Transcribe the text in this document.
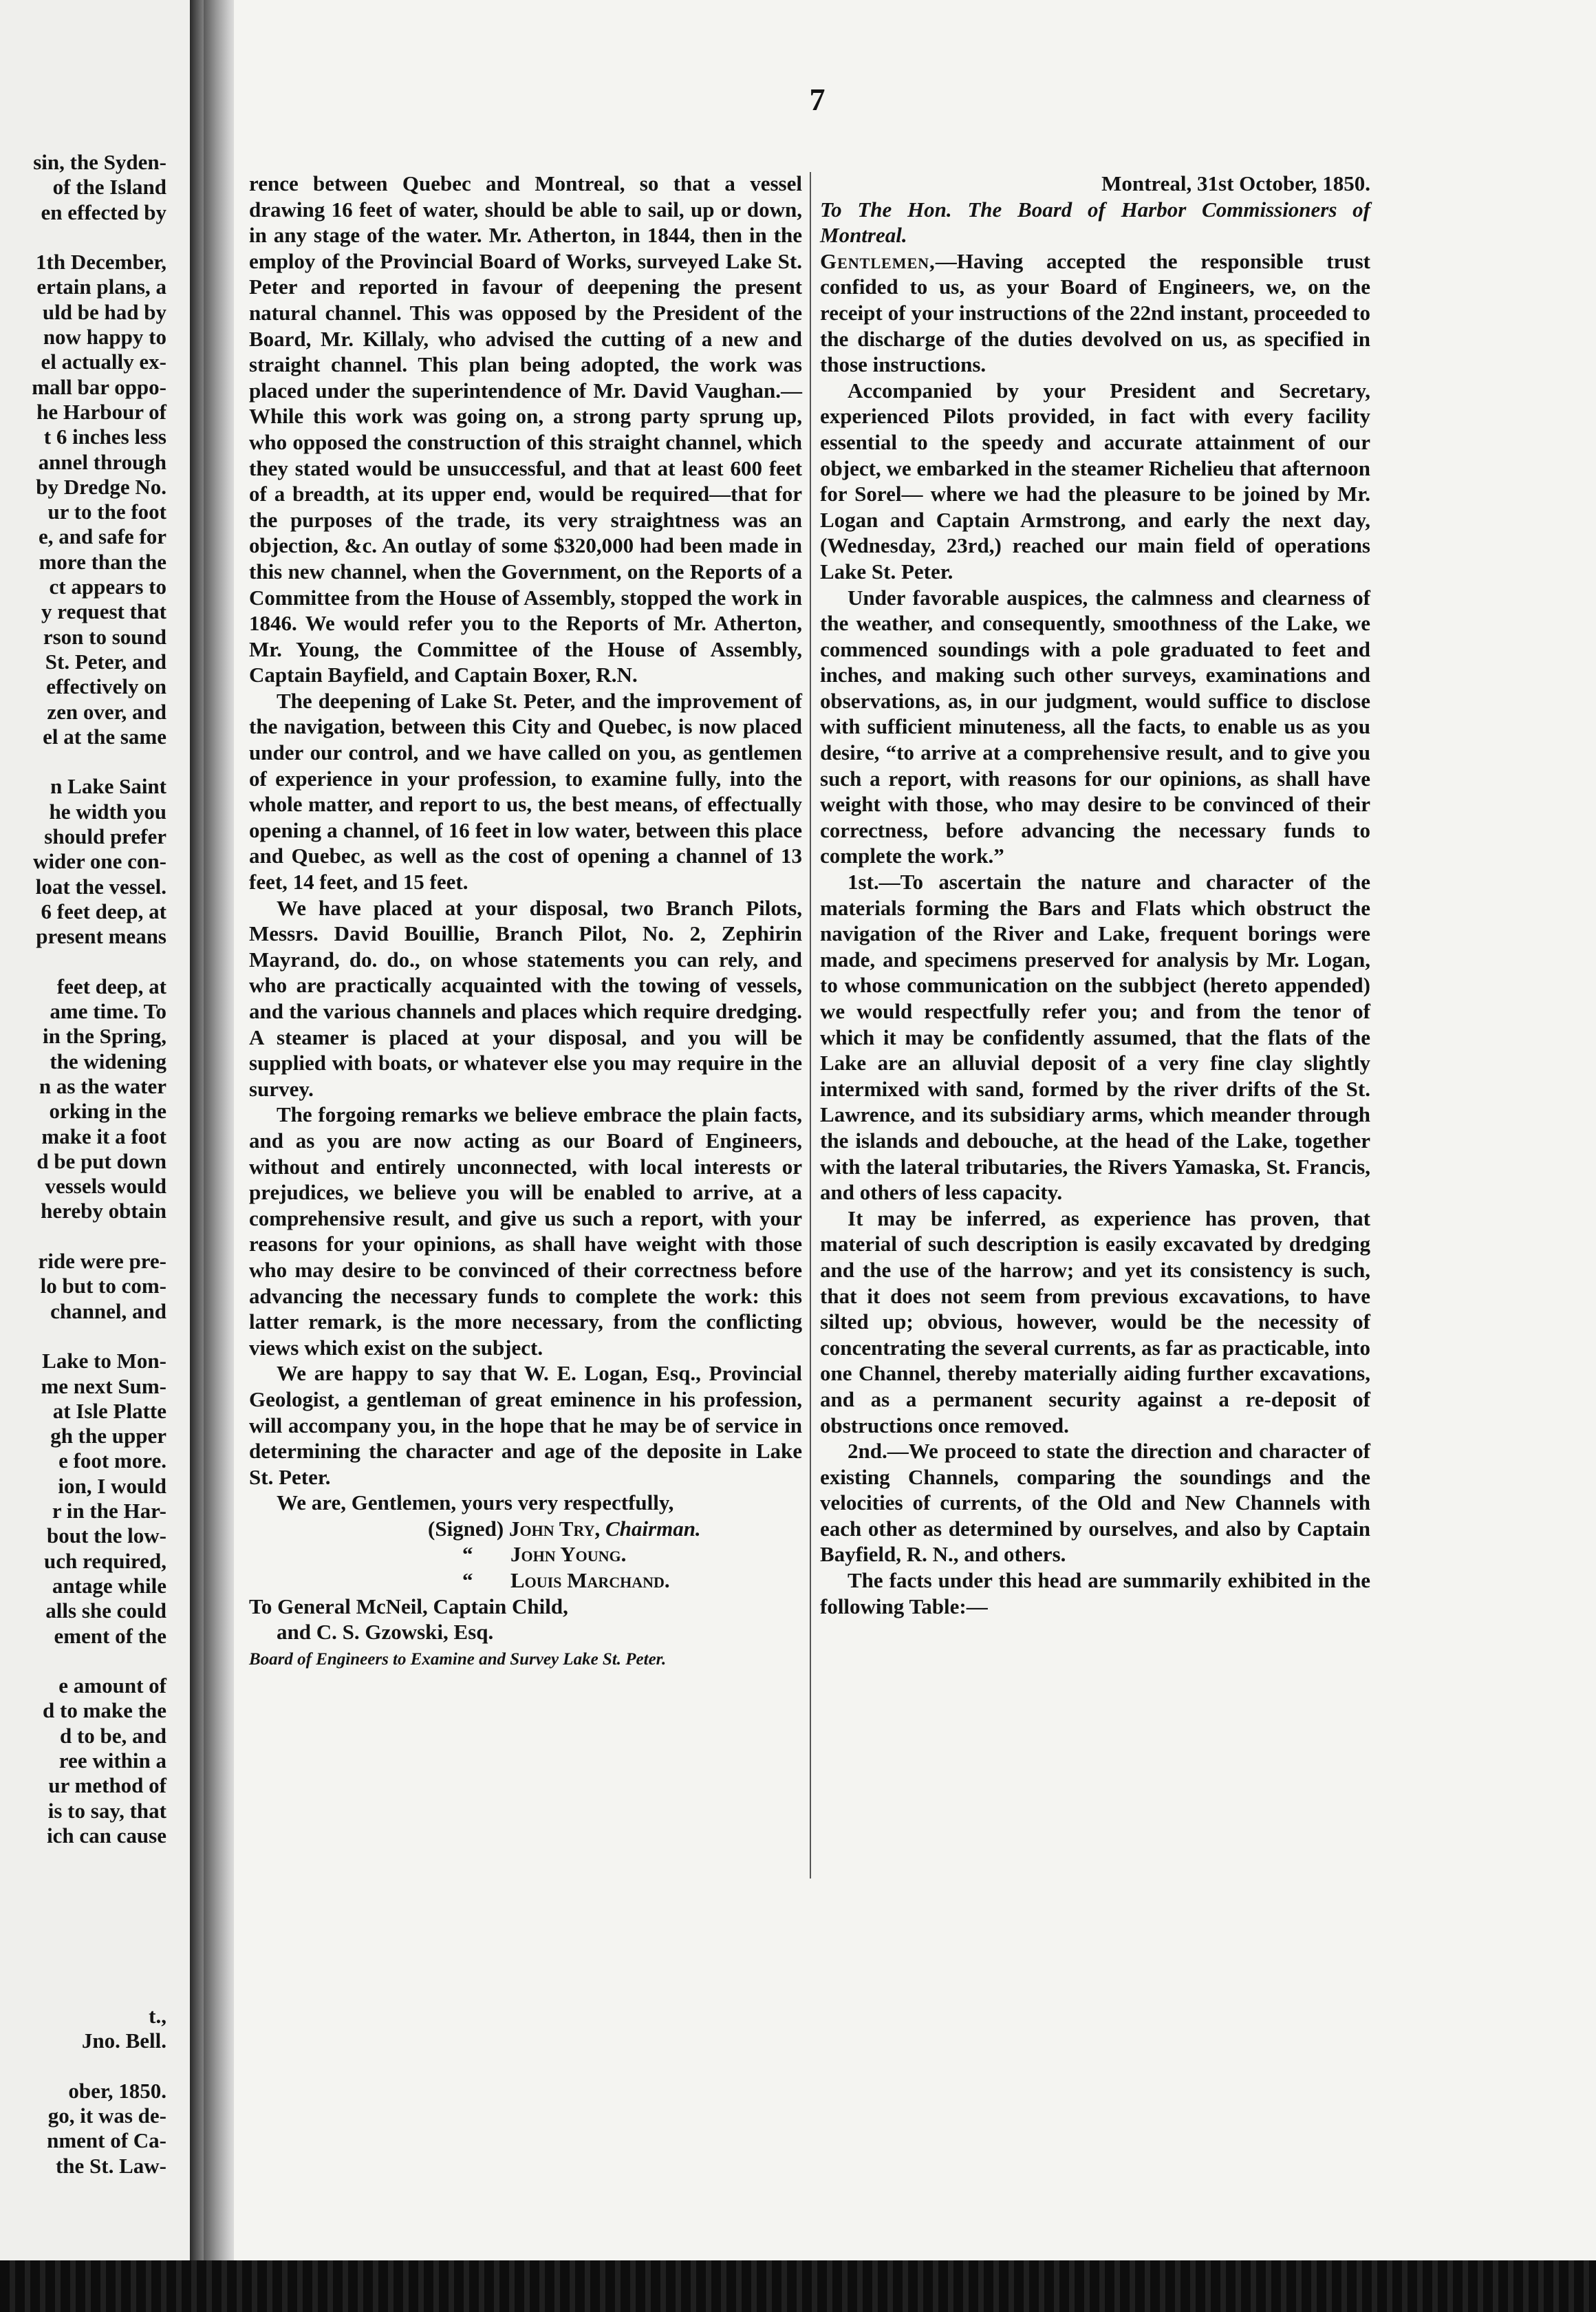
sin, the Syden-
of the Island
en effected by
1th December,
ertain plans, a
uld be had by
now happy to
el actually ex-
mall bar oppo-
he Harbour of
t 6 inches less
annel through
by Dredge No.
ur to the foot
e, and safe for
more than the
ct appears to
y request that
rson to sound
St. Peter, and
effectively on
zen over, and
el at the same
n Lake Saint
he width you
should prefer
wider one con-
loat the vessel.
6 feet deep, at
present means
feet deep, at
ame time. To
in the Spring,
the widening
n as the water
orking in the
make it a foot
d be put down
vessels would
hereby obtain
ride were pre-
lo but to com-
channel, and
Lake to Mon-
me next Sum-
at Isle Platte
gh the upper
e foot more.
ion, I would
r in the Har-
bout the low-
uch required,
antage while
alls she could
ement of the
e amount of
d to make the
d to be, and
ree within a
ur method of
is to say, that
ich can cause
t.,
Jno. Bell.
ober, 1850.
go, it was de-
nment of Ca-
the St. Law-
7

rence between Quebec and Montreal, so that a vessel drawing 16 feet of water, should be able to sail, up or down, in any stage of the water. Mr. Atherton, in 1844, then in the employ of the Provincial Board of Works, surveyed Lake St. Peter and reported in favour of deepening the present natural channel. This was opposed by the President of the Board, Mr. Killaly, who advised the cutting of a new and straight channel. This plan being adopted, the work was placed under the superintendence of Mr. David Vaughan.— While this work was going on, a strong party sprung up, who opposed the construction of this straight channel, which they stated would be unsuccessful, and that at least 600 feet of a breadth, at its upper end, would be required—that for the purposes of the trade, its very straightness was an objection, &c. An outlay of some $320,000 had been made in this new channel, when the Government, on the Reports of a Committee from the House of Assembly, stopped the work in 1846. We would refer you to the Reports of Mr. Atherton, Mr. Young, the Committee of the House of Assembly, Captain Bayfield, and Captain Boxer, R.N.

The deepening of Lake St. Peter, and the improvement of the navigation, between this City and Quebec, is now placed under our control, and we have called on you, as gentlemen of experience in your profession, to examine fully, into the whole matter, and report to us, the best means, of effectually opening a channel, of 16 feet in low water, between this place and Quebec, as well as the cost of opening a channel of 13 feet, 14 feet, and 15 feet.

We have placed at your disposal, two Branch Pilots, Messrs. David Bouillie, Branch Pilot, No. 2, Zephirin Mayrand, do. do., on whose statements you can rely, and who are practically acquainted with the towing of vessels, and the various channels and places which require dredging. A steamer is placed at your disposal, and you will be supplied with boats, or whatever else you may require in the survey.

The forgoing remarks we believe embrace the plain facts, and as you are now acting as our Board of Engineers, without and entirely unconnected, with local interests or prejudices, we believe you will be enabled to arrive, at a comprehensive result, and give us such a report, with your reasons for your opinions, as shall have weight with those who may desire to be convinced of their correctness before advancing the necessary funds to complete the work: this latter remark, is the more necessary, from the conflicting views which exist on the subject.

We are happy to say that W. E. Logan, Esq., Provincial Geologist, a gentleman of great eminence in his profession, will accompany you, in the hope that he may be of service in determining the character and age of the deposite in Lake St. Peter.

We are, Gentlemen, yours very respectfully,

(Signed)
John Try,
Chairman.
“	John Young.
“	Louis Marchand.
To General McNeil, Captain Child,
and C. S. Gzowski, Esq.
Board of Engineers to Examine and Survey Lake St. Peter.
Montreal, 31st October, 1850.

To The Hon. The Board of Harbor Commissioners of Montreal.

Gentlemen,—Having accepted the responsible trust confided to us, as your Board of Engineers, we, on the receipt of your instructions of the 22nd instant, proceeded to the discharge of the duties devolved on us, as specified in those instructions.

Accompanied by your President and Secretary, experienced Pilots provided, in fact with every facility essential to the speedy and accurate attainment of our object, we embarked in the steamer Richelieu that afternoon for Sorel— where we had the pleasure to be joined by Mr. Logan and Captain Armstrong, and early the next day, (Wednesday, 23rd,) reached our main field of operations Lake St. Peter.

Under favorable auspices, the calmness and clearness of the weather, and consequently, smoothness of the Lake, we commenced soundings with a pole graduated to feet and inches, and making such other surveys, examinations and observations, as, in our judgment, would suffice to disclose with sufficient minuteness, all the facts, to enable us as you desire, “to arrive at a comprehensive result, and to give you such a report, with reasons for our opinions, as shall have weight with those, who may desire to be convinced of their correctness, before advancing the necessary funds to complete the work.”

1st.—To ascertain the nature and character of the materials forming the Bars and Flats which obstruct the navigation of the River and Lake, frequent borings were made, and specimens preserved for analysis by Mr. Logan, to whose communication on the subbject (hereto appended) we would respectfully refer you; and from the tenor of which it may be confidently assumed, that the flats of the Lake are an alluvial deposit of a very fine clay slightly intermixed with sand, formed by the river drifts of the St. Lawrence, and its subsidiary arms, which meander through the islands and debouche, at the head of the Lake, together with the lateral tributaries, the Rivers Yamaska, St. Francis, and others of less capacity.

It may be inferred, as experience has proven, that material of such description is easily excavated by dredging and the use of the harrow; and yet its consistency is such, that it does not seem from previous excavations, to have silted up; obvious, however, would be the necessity of concentrating the several currents, as far as practicable, into one Channel, thereby materially aiding further excavations, and as a permanent security against a re-deposit of obstructions once removed.

2nd.—We proceed to state the direction and character of existing Channels, comparing the soundings and the velocities of currents, of the Old and New Channels with each other as determined by ourselves, and also by Captain Bayfield, R. N., and others.

The facts under this head are summarily exhibited in the following Table:—
